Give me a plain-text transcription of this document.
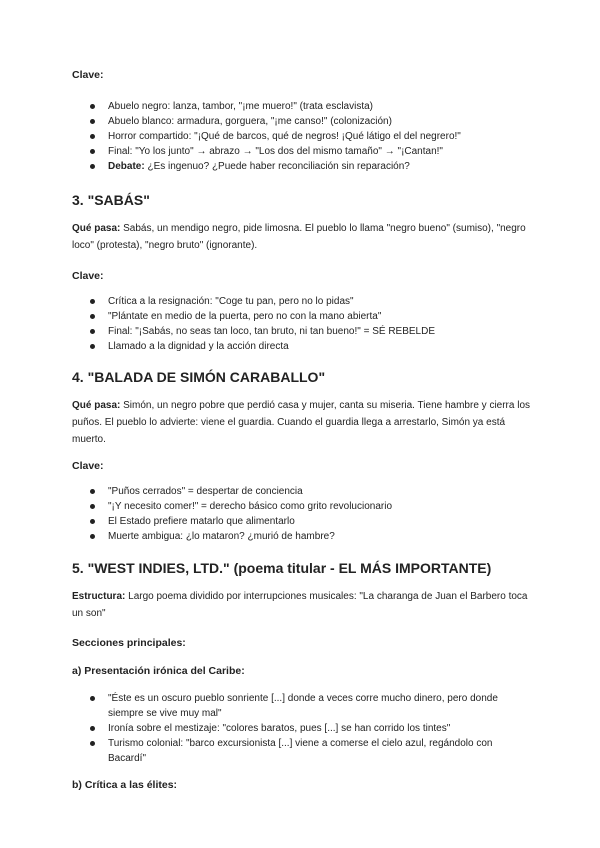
Clave:

Abuelo negro: lanza, tambor, "¡me muero!" (trata esclavista)
Abuelo blanco: armadura, gorguera, "¡me canso!" (colonización)
Horror compartido: "¡Qué de barcos, qué de negros! ¡Qué látigo el del negrero!"
Final: "Yo los junto" → abrazo → "Los dos del mismo tamaño" → "¡Cantan!"
Debate: ¿Es ingenuo? ¿Puede haber reconciliación sin reparación?
3. "SABÁS"

Qué pasa: Sabás, un mendigo negro, pide limosna. El pueblo lo llama "negro bueno" (sumiso), "negro loco" (protesta), "negro bruto" (ignorante).

Clave:

Crítica a la resignación: "Coge tu pan, pero no lo pidas"
"Plántate en medio de la puerta, pero no con la mano abierta"
Final: "¡Sabás, no seas tan loco, tan bruto, ni tan bueno!" = SÉ REBELDE
Llamado a la dignidad y la acción directa
4. "BALADA DE SIMÓN CARABALLO"

Qué pasa: Simón, un negro pobre que perdió casa y mujer, canta su miseria. Tiene hambre y cierra los puños. El pueblo lo advierte: viene el guardia. Cuando el guardia llega a arrestarlo, Simón ya está muerto.

Clave:

"Puños cerrados" = despertar de conciencia
"¡Y necesito comer!" = derecho básico como grito revolucionario
El Estado prefiere matarlo que alimentarlo
Muerte ambigua: ¿lo mataron? ¿murió de hambre?
5. "WEST INDIES, LTD." (poema titular - EL MÁS IMPORTANTE)

Estructura: Largo poema dividido por interrupciones musicales: "La charanga de Juan el Barbero toca un son"

Secciones principales:

a) Presentación irónica del Caribe:

"Éste es un oscuro pueblo sonriente [...] donde a veces corre mucho dinero, pero donde siempre se vive muy mal"
Ironía sobre el mestizaje: "colores baratos, pues [...] se han corrido los tintes"
Turismo colonial: "barco excursionista [...] viene a comerse el cielo azul, regándolo con Bacardí"

b) Crítica a las élites:
